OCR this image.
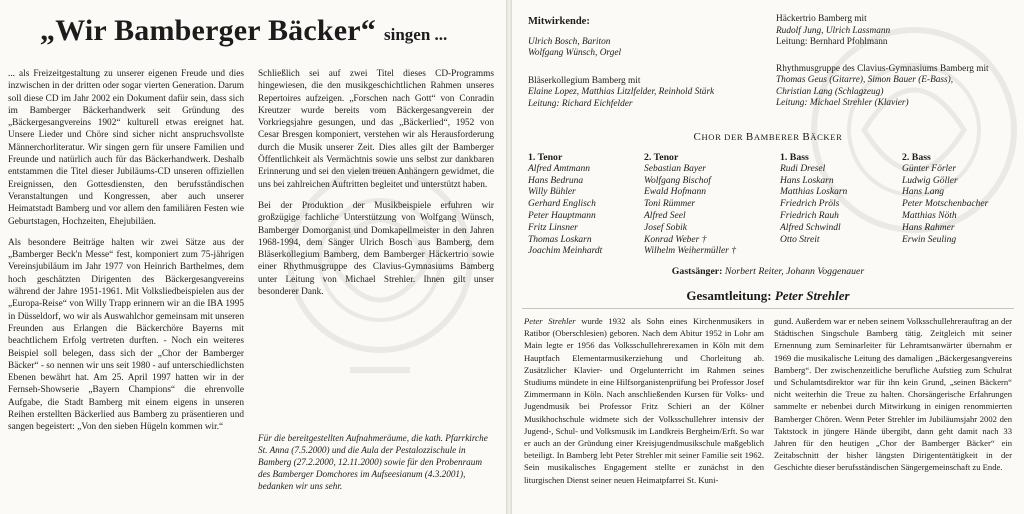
„Wir Bamberger Bäcker“ singen ...

... als Freizeitgestaltung zu unserer eigenen Freude und dies inzwischen in der dritten oder sogar vierten Generation. Darum soll diese CD im Jahr 2002 ein Dokument dafür sein, dass sich im Bamberger Bäckerhandwerk seit Gründung des „Bäckergesangvereins 1902“ kulturell etwas ereignet hat. Unsere Lieder und Chöre sind sicher nicht anspruchsvollste Männerchorliteratur. Wir singen gern für unsere Familien und Freunde und natürlich auch für das Bäckerhandwerk. Deshalb entstammen die Titel dieser Jubiläums-CD unseren offiziellen Ereignissen, den Gottesdiensten, den berufsständischen Veranstaltungen und Kongressen, aber auch unserer Heimatstadt Bamberg und vor allem den familiären Festen wie Geburtstagen, Hochzeiten, Ehejubiläen.

Als besondere Beiträge halten wir zwei Sätze aus der „Bamberger Beck'n Messe“ fest, komponiert zum 75-jährigen Vereinsjubiläum im Jahr 1977 von Heinrich Barthelmes, dem hoch geschätzten Dirigenten des Bäckergesangvereins während der Jahre 1951-1961. Mit Volksliedbeispielen aus der „Europa-Reise“ von Willy Trapp erinnern wir an die IBA 1995 in Düsseldorf, wo wir als Auswahlchor gemeinsam mit unseren Freunden aus Erlangen die Bäckerchöre Bayerns mit beachtlichem Erfolg vertreten durften. - Noch ein weiteres Beispiel soll belegen, dass sich der „Chor der Bamberger Bäcker“ - so nennen wir uns seit 1980 - auf unterschiedlichsten Ebenen bewährt hat. Am 25. April 1997 hatten wir in der Fernseh-Showserie „Bayern Champions“ die ehrenvolle Aufgabe, die Stadt Bamberg mit einem eigens in unseren Reihen erstellten Bäckerlied aus Bamberg zu präsentieren und sangen begeistert: „Von den sieben Hügeln kommen wir.“

Schließlich sei auf zwei Titel dieses CD-Programms hingewiesen, die den musikgeschichtlichen Rahmen unseres Repertoires aufzeigen. „Forschen nach Gott“ von Conradin Kreutzer wurde bereits vom Bäckergesangverein der Vorkriegsjahre gesungen, und das „Bäckerlied“, 1952 von Cesar Bresgen komponiert, verstehen wir als Herausforderung durch die Musik unserer Zeit. Dies alles gilt der Bamberger Öffentlichkeit als Vermächtnis sowie uns selbst zur dankbaren Erinnerung und sei den vielen treuen Anhängern gewidmet, die uns bei zahlreichen Auftritten begleitet und unterstützt haben.

Bei der Produktion der Musikbeispiele erfuhren wir großzügige fachliche Unterstützung von Wolfgang Wünsch, Bamberger Domorganist und Domkapellmeister in den Jahren 1968-1994, dem Sänger Ulrich Bosch aus Bamberg, dem Bläserkollegium Bamberg, dem Bamberger Häckertrio sowie einer Rhythmusgruppe des Clavius-Gymnasiums Bamberg unter Leitung von Michael Strehler. Ihnen gilt unser besonderer Dank.

Für die bereitgestellten Aufnahmeräume, die kath. Pfarrkirche St. Anna (7.5.2000) und die Aula der Pestalozzischule in Bamberg (27.2.2000, 12.11.2000) sowie für den Probenraum des Bamberger Domchores im Aufseesianum (4.3.2001), bedanken wir uns sehr.
Mitwirkende:
Ulrich Bosch, Bariton
Wolfgang Wünsch, Orgel
Bläserkollegium Bamberg mit
Elaine Lopez, Matthias Litzlfelder, Reinhold Stärk
Leitung: Richard Eichfelder
Häckertrio Bamberg mit
Rudolf Jung, Ulrich Lassmann
Leitung: Bernhard Pfohlmann
Rhythmusgruppe des Clavius-Gymnasiums Bamberg mit
Thomas Geus (Gitarre), Simon Bauer (E-Bass),
Christian Lang (Schlagzeug)
Leitung: Michael Strehler (Klavier)
CHOR DER BAMBERER BÄCKER
1. Tenor
Alfred Amtmann
Hans Bedruna
Willy Bühler
Gerhard Englisch
Peter Hauptmann
Fritz Linsner
Thomas Loskarn
Joachim Meinhardt
2. Tenor
Sebastian Bayer
Wolfgang Bischof
Ewald Hofmann
Toni Rümmer
Alfred Seel
Josef Sobik
Konrad Weber †
Wilhelm Weihermüller †
1. Bass
Rudi Dresel
Hans Loskarn
Matthias Loskarn
Friedrich Pröls
Friedrich Rauh
Alfred Schwindl
Otto Streit
2. Bass
Günter Förler
Ludwig Göller
Hans Lang
Peter Motschenbacher
Matthias Nöth
Hans Rahmer
Erwin Seuling
Gastsänger: Norbert Reiter, Johann Voggenauer
Gesamtleitung: Peter Strehler
Peter Strehler wurde 1932 als Sohn eines Kirchenmusikers in Ratibor (Oberschlesien) geboren. Nach dem Abitur 1952 in Lohr am Main legte er 1956 das Volksschullehrerexamen in Köln mit dem Hauptfach Elementarmusikerziehung und Chorleitung ab. Zusätzlicher Klavier- und Orgelunterricht im Rahmen seines Studiums mündete in eine Hilfsorganistenprüfung bei Professor Josef Zimmermann in Köln. Nach anschließenden Kursen für Volks- und Jugendmusik bei Professor Fritz Schieri an der Kölner Musikhochschule widmete sich der Volksschullehrer intensiv der Jugend-, Schul- und Volksmusik im Landkreis Bergheim/Erft. So war er auch an der Gründung einer Kreisjugendmusikschule maßgeblich beteiligt. In Bamberg lebt Peter Strehler mit seiner Familie seit 1962. Sein musikalisches Engagement stellte er zunächst in den liturgischen Dienst seiner neuen Heimatpfarrei St. Kuni-
gund. Außerdem war er neben seinem Volksschullehrerauftrag an der Städtischen Singschule Bamberg tätig. Zeitgleich mit seiner Ernennung zum Seminarleiter für Lehramtsanwärter übernahm er 1969 die musikalische Leitung des damaligen „Bäckergesangvereins Bamberg“. Der zwischenzeitliche berufliche Aufstieg zum Schulrat und Schulamtsdirektor war für ihn kein Grund, „seinen Bäckern“ nicht weiterhin die Treue zu halten. Chorsängerische Erfahrungen sammelte er nebenbei durch Mitwirkung in einigen renommierten Bamberger Chören. Wenn Peter Strehler im Jubiläumsjahr 2002 den Taktstock in jüngere Hände übergibt, dann geht damit nach 33 Jahren für den heutigen „Chor der Bamberger Bäcker“ ein Zeitabschnitt der bisher längsten Dirigententätigkeit in der Geschichte dieser berufsständischen Sängergemeinschaft zu Ende.
